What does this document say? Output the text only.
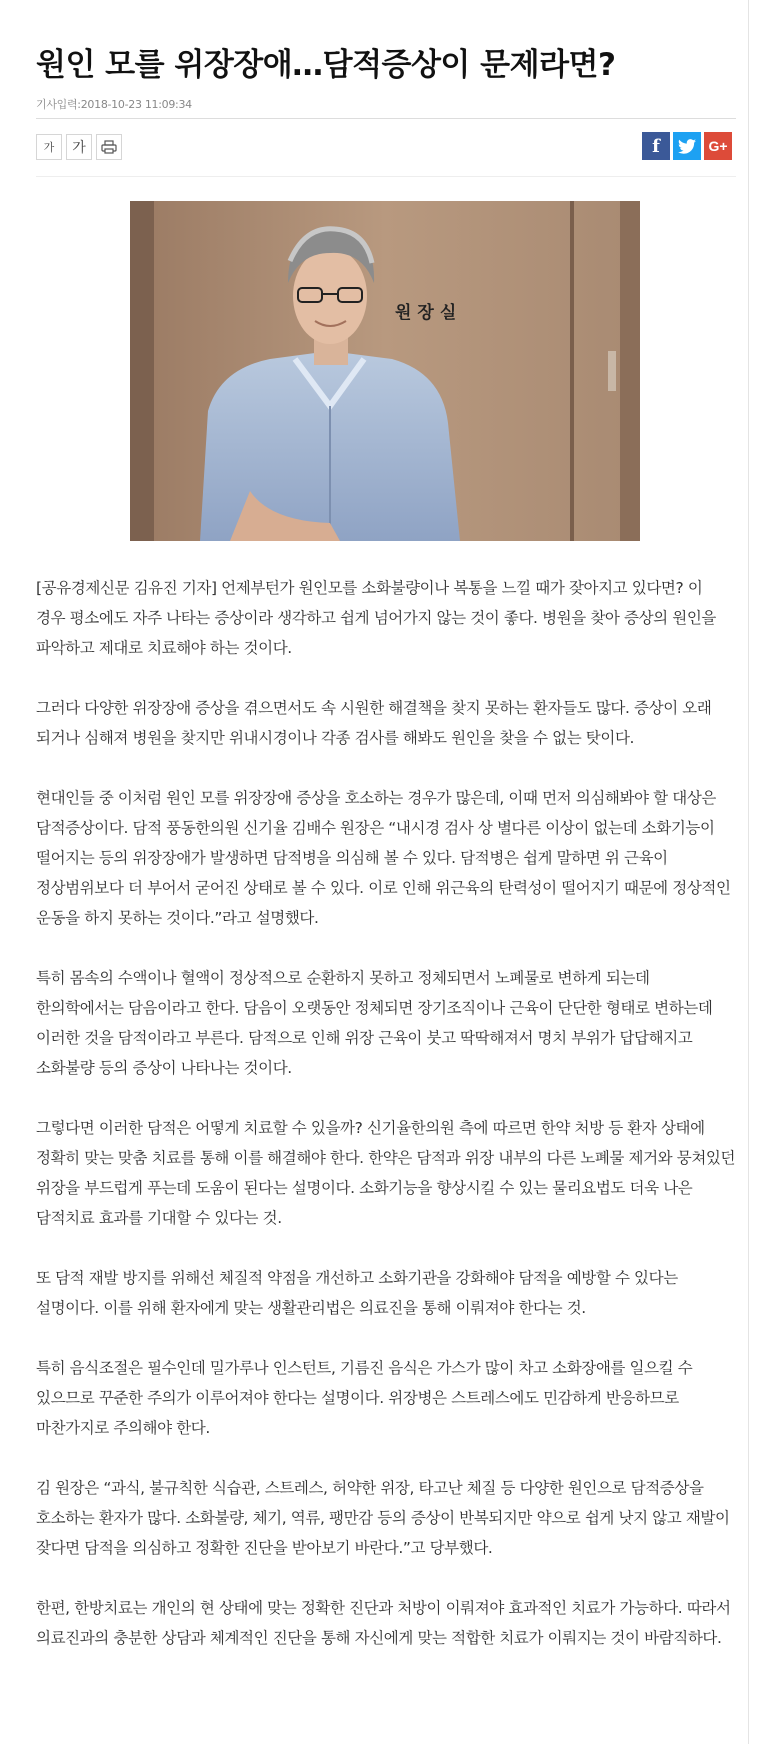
원인 모를 위장장애…담적증상이 문제라면?
기사입력:2018-10-23 11:09:34
가	가	f	G+
원장실

[공유경제신문 김유진 기자] 언제부턴가 원인모를 소화불량이나 복통을 느낄 때가 잦아지고 있다면? 이 경우 평소에도 자주 나타는 증상이라 생각하고 쉽게 넘어가지 않는 것이 좋다. 병원을 찾아 증상의 원인을 파악하고 제대로 치료해야 하는 것이다.

그러다 다양한 위장장애 증상을 겪으면서도 속 시원한 해결책을 찾지 못하는 환자들도 많다. 증상이 오래 되거나 심해져 병원을 찾지만 위내시경이나 각종 검사를 해봐도 원인을 찾을 수 없는 탓이다.

현대인들 중 이처럼 원인 모를 위장장애 증상을 호소하는 경우가 많은데, 이때 먼저 의심해봐야 할 대상은 담적증상이다. 담적 풍동한의원 신기율 김배수 원장은 “내시경 검사 상 별다른 이상이 없는데 소화기능이 떨어지는 등의 위장장애가 발생하면 담적병을 의심해 볼 수 있다. 담적병은 쉽게 말하면 위 근육이 정상범위보다 더 부어서 굳어진 상태로 볼 수 있다. 이로 인해 위근육의 탄력성이 떨어지기 때문에 정상적인 운동을 하지 못하는 것이다.”라고 설명했다.

특히 몸속의 수액이나 혈액이 정상적으로 순환하지 못하고 정체되면서 노폐물로 변하게 되는데 한의학에서는 담음이라고 한다. 담음이 오랫동안 정체되면 장기조직이나 근육이 단단한 형태로 변하는데 이러한 것을 담적이라고 부른다. 담적으로 인해 위장 근육이 붓고 딱딱해져서 명치 부위가 답답해지고 소화불량 등의 증상이 나타나는 것이다.

그렇다면 이러한 담적은 어떻게 치료할 수 있을까? 신기율한의원 측에 따르면 한약 처방 등 환자 상태에 정확히 맞는 맞춤 치료를 통해 이를 해결해야 한다. 한약은 담적과 위장 내부의 다른 노폐물 제거와 뭉쳐있던 위장을 부드럽게 푸는데 도움이 된다는 설명이다. 소화기능을 향상시킬 수 있는 물리요법도 더욱 나은 담적치료 효과를 기대할 수 있다는 것.

또 담적 재발 방지를 위해선 체질적 약점을 개선하고 소화기관을 강화해야 담적을 예방할 수 있다는 설명이다. 이를 위해 환자에게 맞는 생활관리법은 의료진을 통해 이뤄져야 한다는 것.

특히 음식조절은 필수인데 밀가루나 인스턴트, 기름진 음식은 가스가 많이 차고 소화장애를 일으킬 수 있으므로 꾸준한 주의가 이루어져야 한다는 설명이다. 위장병은 스트레스에도 민감하게 반응하므로 마찬가지로 주의해야 한다.

김 원장은 “과식, 불규칙한 식습관, 스트레스, 허약한 위장, 타고난 체질 등 다양한 원인으로 담적증상을 호소하는 환자가 많다. 소화불량, 체기, 역류, 팽만감 등의 증상이 반복되지만 약으로 쉽게 낫지 않고 재발이 잦다면 담적을 의심하고 정확한 진단을 받아보기 바란다.”고 당부했다.

한편, 한방치료는 개인의 현 상태에 맞는 정확한 진단과 처방이 이뤄져야 효과적인 치료가 가능하다. 따라서 의료진과의 충분한 상담과 체계적인 진단을 통해 자신에게 맞는 적합한 치료가 이뤄지는 것이 바람직하다.
